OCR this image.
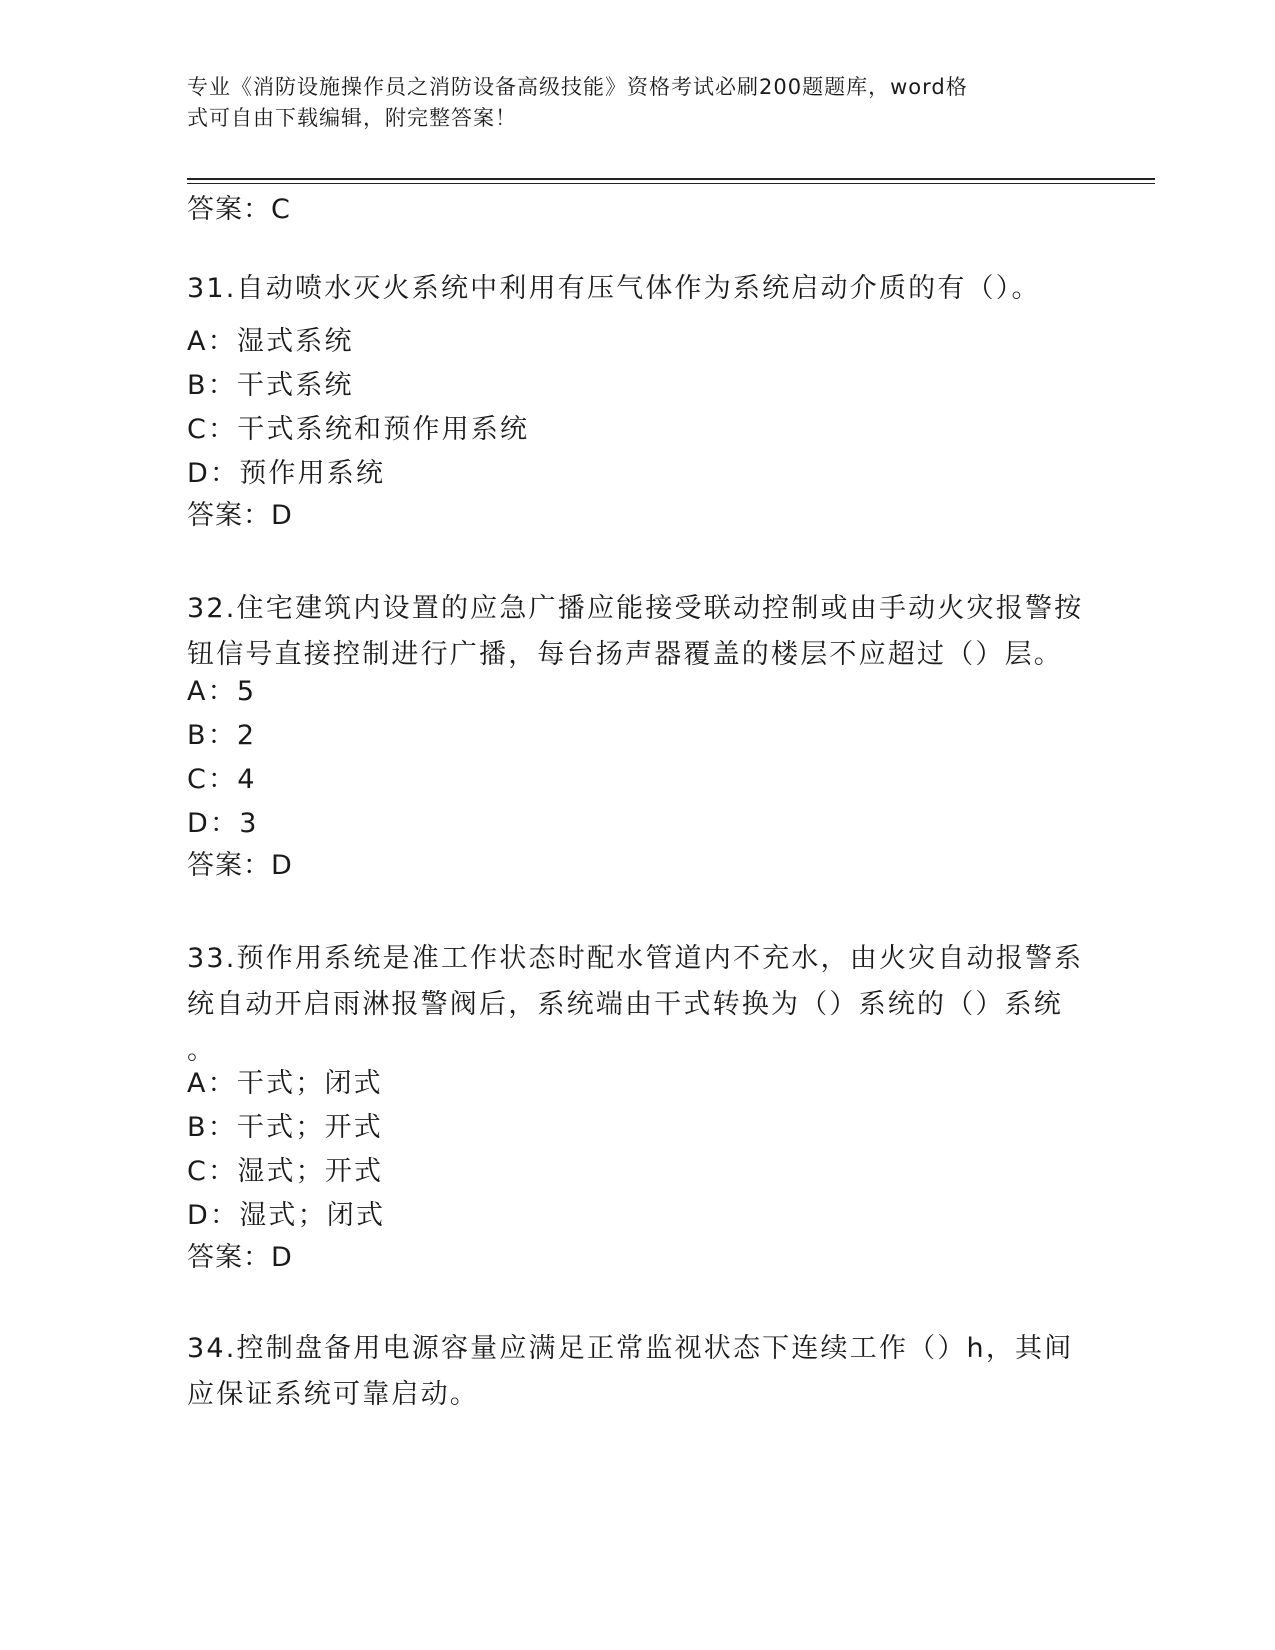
专业《消防设施操作员之消防设备高级技能》资格考试必刷200题题库，word格
式可自由下载编辑，附完整答案！
答案：C
31.自动喷水灭火系统中利用有压气体作为系统启动介质的有（）。
A：湿式系统
B：干式系统
C：干式系统和预作用系统
D：预作用系统
答案：D
32.住宅建筑内设置的应急广播应能接受联动控制或由手动火灾报警按
钮信号直接控制进行广播，每台扬声器覆盖的楼层不应超过（）层。
A：5
B：2
C：4
D：3
答案：D
33.预作用系统是准工作状态时配水管道内不充水，由火灾自动报警系
统自动开启雨淋报警阀后，系统端由干式转换为（）系统的（）系统
。
A：干式；闭式
B：干式；开式
C：湿式；开式
D：湿式；闭式
答案：D
34.控制盘备用电源容量应满足正常监视状态下连续工作（）h，其间
应保证系统可靠启动。
